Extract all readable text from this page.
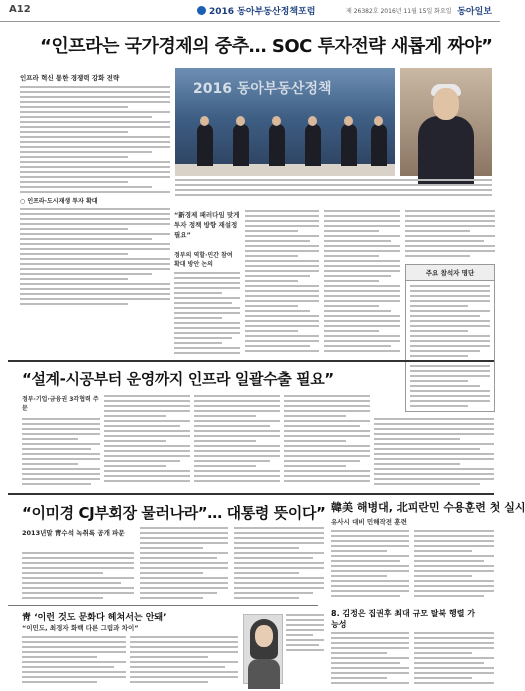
A12	2016 동아부동산정책포럼	제 26382호 2016년 11월 15일 화요일 동아일보
“인프라는 국가경제의 중추… SOC 투자전략 새롭게 짜야”
인프라 혁신 통한 경쟁력 강화 전략
○ 인프라·도시재생 투자 확대
2016 동아부동산정책
“新경제 패러다임 맞게 투자 정책 방향 재설정 필요”
정부의 역할·민간 참여 확대 방안 논의
주요 참석자 명단
“설계-시공부터 운영까지 인프라 일괄수출 필요”
정부·기업·금융권 3각협력 주문
“이미경 CJ부회장 물러나라”… 대통령 뜻이다”
2013년말 靑수석 녹취록 공개 파문
韓美 해병대, 北피란민 수용훈련 첫 실시
유사시 대비 민해작전 훈련
靑 ‘이런 것도 문화다 헤쳐서는 안돼’
“이민도, 최경자 화백 다른 그림과 차이”
8. 김정은 집권후 최대 규모 탈북 행렬 가능성
